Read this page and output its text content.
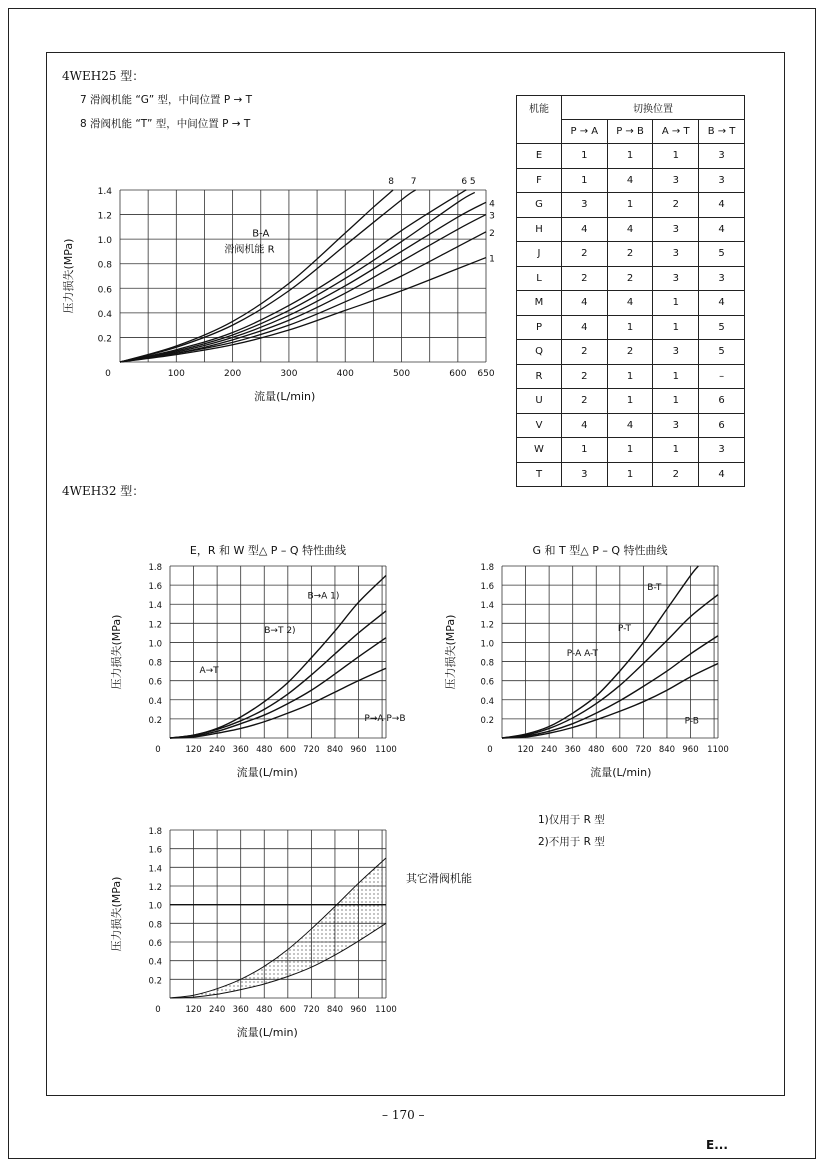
4WEH25 型：
7 滑阀机能 “G” 型，中间位置 P → T
8 滑阀机能 “T” 型，中间位置 P → T
机能	切换位置			
	P → A	P → B	A → T	B → T
E	1	1	1	3
F	1	4	3	3
G	3	1	2	4
H	4	4	3	4
J	2	2	3	5
L	2	2	3	3
M	4	4	1	4
P	4	1	1	5
Q	2	2	3	5
R	2	1	1	–
U	2	1	1	6
V	4	4	3	6
W	1	1	1	3
T	3	1	2	4
0	100	200	300	400	500	600 650
0.2
0.4
0.6
0.8
1.0
1.2
1.4
流量(L/min)
压力损失(MPa)	1
2
3
4
5
6
7
8
B-A
滑阀机能 R
4WEH32 型：
0	120 240 360 480 600 720 840 960 1100
0.2
0.4
0.6
0.8
1.0
1.2
1.4
1.6
1.8
流量(L/min)
压力损失(MPa)
E，R 和 W 型△ P – Q 特性曲线
B→A 1)
B→T 2)
A→T
P→A P→B
0	120 240 360 480 600 720 840 960 1100
0.2
0.4
0.6
0.8
1.0
1.2
1.4
1.6
1.8
流量(L/min)
压力损失(MPa)
G 和 T 型△ P – Q 特性曲线
B-T
P-T
P-A A-T
P-B
0	120 240 360 480 600 720 840 960 1100
0.2
0.4
0.6
0.8
1.0
1.2
1.4
1.6
1.8
流量(L/min)
压力损失(MPa)	其它滑阀机能
1)仅用于 R 型
2)不用于 R 型
– 170 –
E...
